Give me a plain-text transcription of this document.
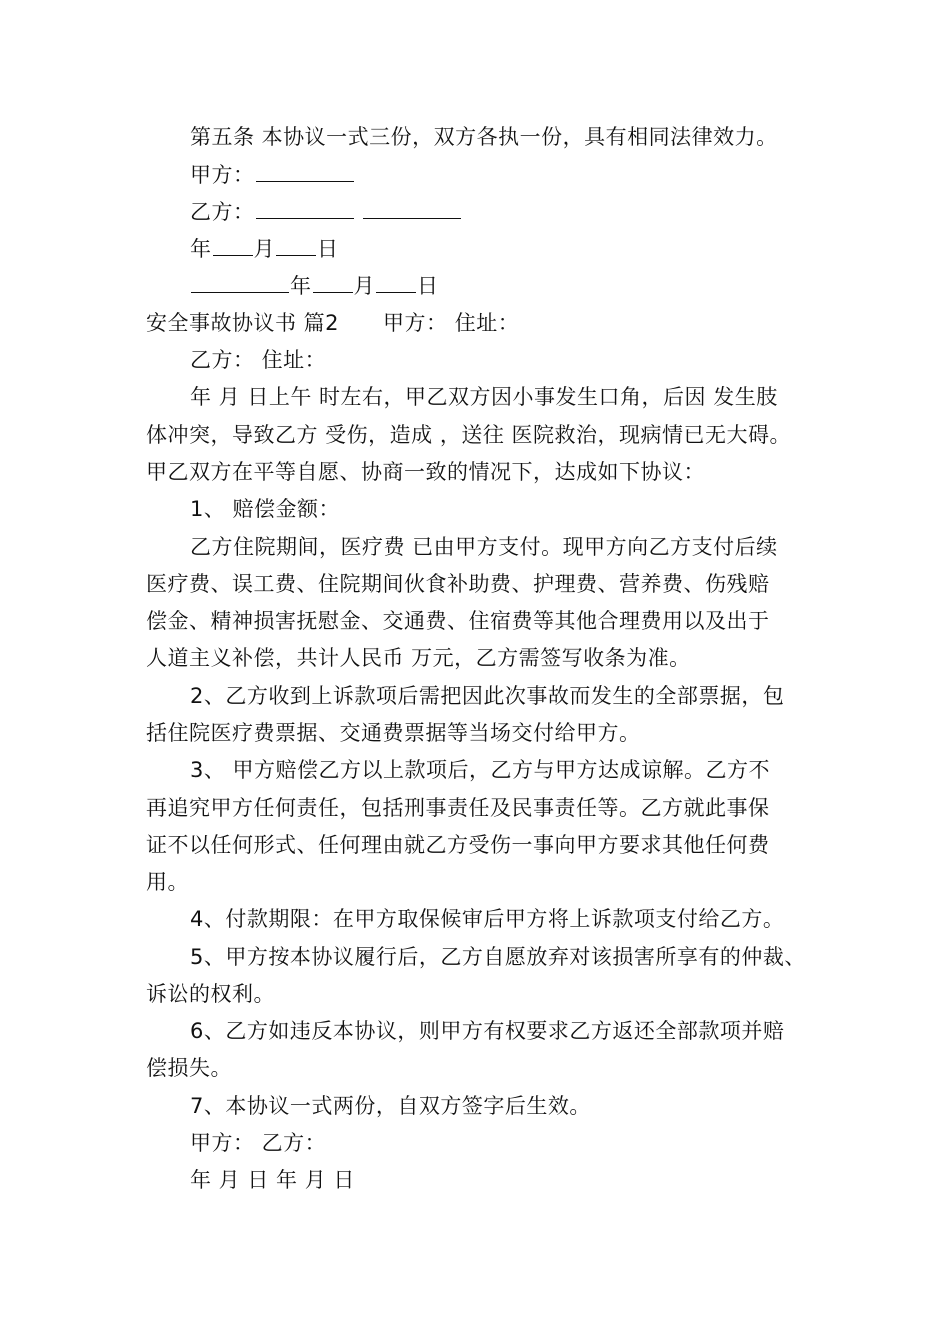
第五条 本协议一式三份，双方各执一份，具有相同法律效力。
甲方：
乙方：
年 月 日
年 月 日
安全事故协议书 篇2 甲方： 住址：
乙方： 住址：
年 月 日上午 时左右，甲乙双方因小事发生口角，后因 发生肢
体冲突，导致乙方 受伤，造成 ，送往 医院救治，现病情已无大碍。
甲乙双方在平等自愿、协商一致的情况下，达成如下协议：
1、 赔偿金额：
乙方住院期间，医疗费 已由甲方支付。现甲方向乙方支付后续
医疗费、误工费、住院期间伙食补助费、护理费、营养费、伤残赔
偿金、精神损害抚慰金、交通费、住宿费等其他合理费用以及出于
人道主义补偿，共计人民币 万元，乙方需签写收条为准。
2、乙方收到上诉款项后需把因此次事故而发生的全部票据，包
括住院医疗费票据、交通费票据等当场交付给甲方。
3、 甲方赔偿乙方以上款项后，乙方与甲方达成谅解。乙方不
再追究甲方任何责任，包括刑事责任及民事责任等。乙方就此事保
证不以任何形式、任何理由就乙方受伤一事向甲方要求其他任何费
用。
4、付款期限：在甲方取保候审后甲方将上诉款项支付给乙方。
5、甲方按本协议履行后，乙方自愿放弃对该损害所享有的仲裁、
诉讼的权利。
6、乙方如违反本协议，则甲方有权要求乙方返还全部款项并赔
偿损失。
7、本协议一式两份，自双方签字后生效。
甲方： 乙方：
年 月 日 年 月 日
